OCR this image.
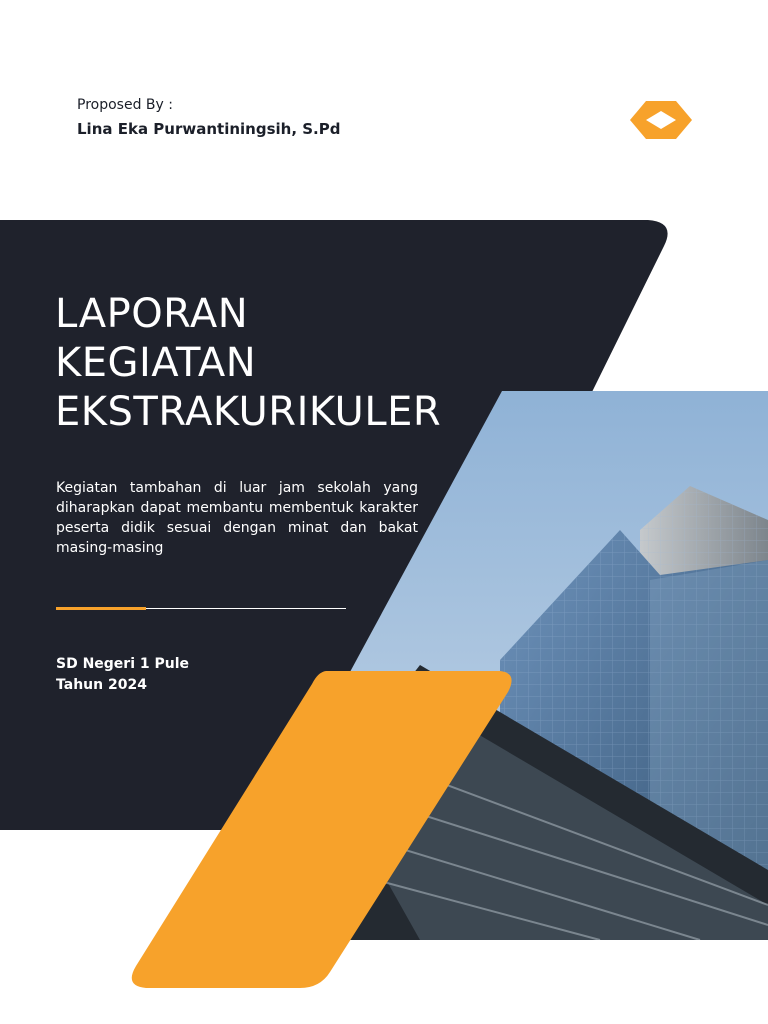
Proposed By :
Lina Eka Purwantiningsih, S.Pd
LAPORAN
KEGIATAN
EKSTRAKURIKULER
Kegiatan tambahan di luar jam sekolah yang diharapkan dapat membantu membentuk karakter peserta didik sesuai dengan minat dan bakat masing-masing
SD Negeri 1 Pule
Tahun 2024
